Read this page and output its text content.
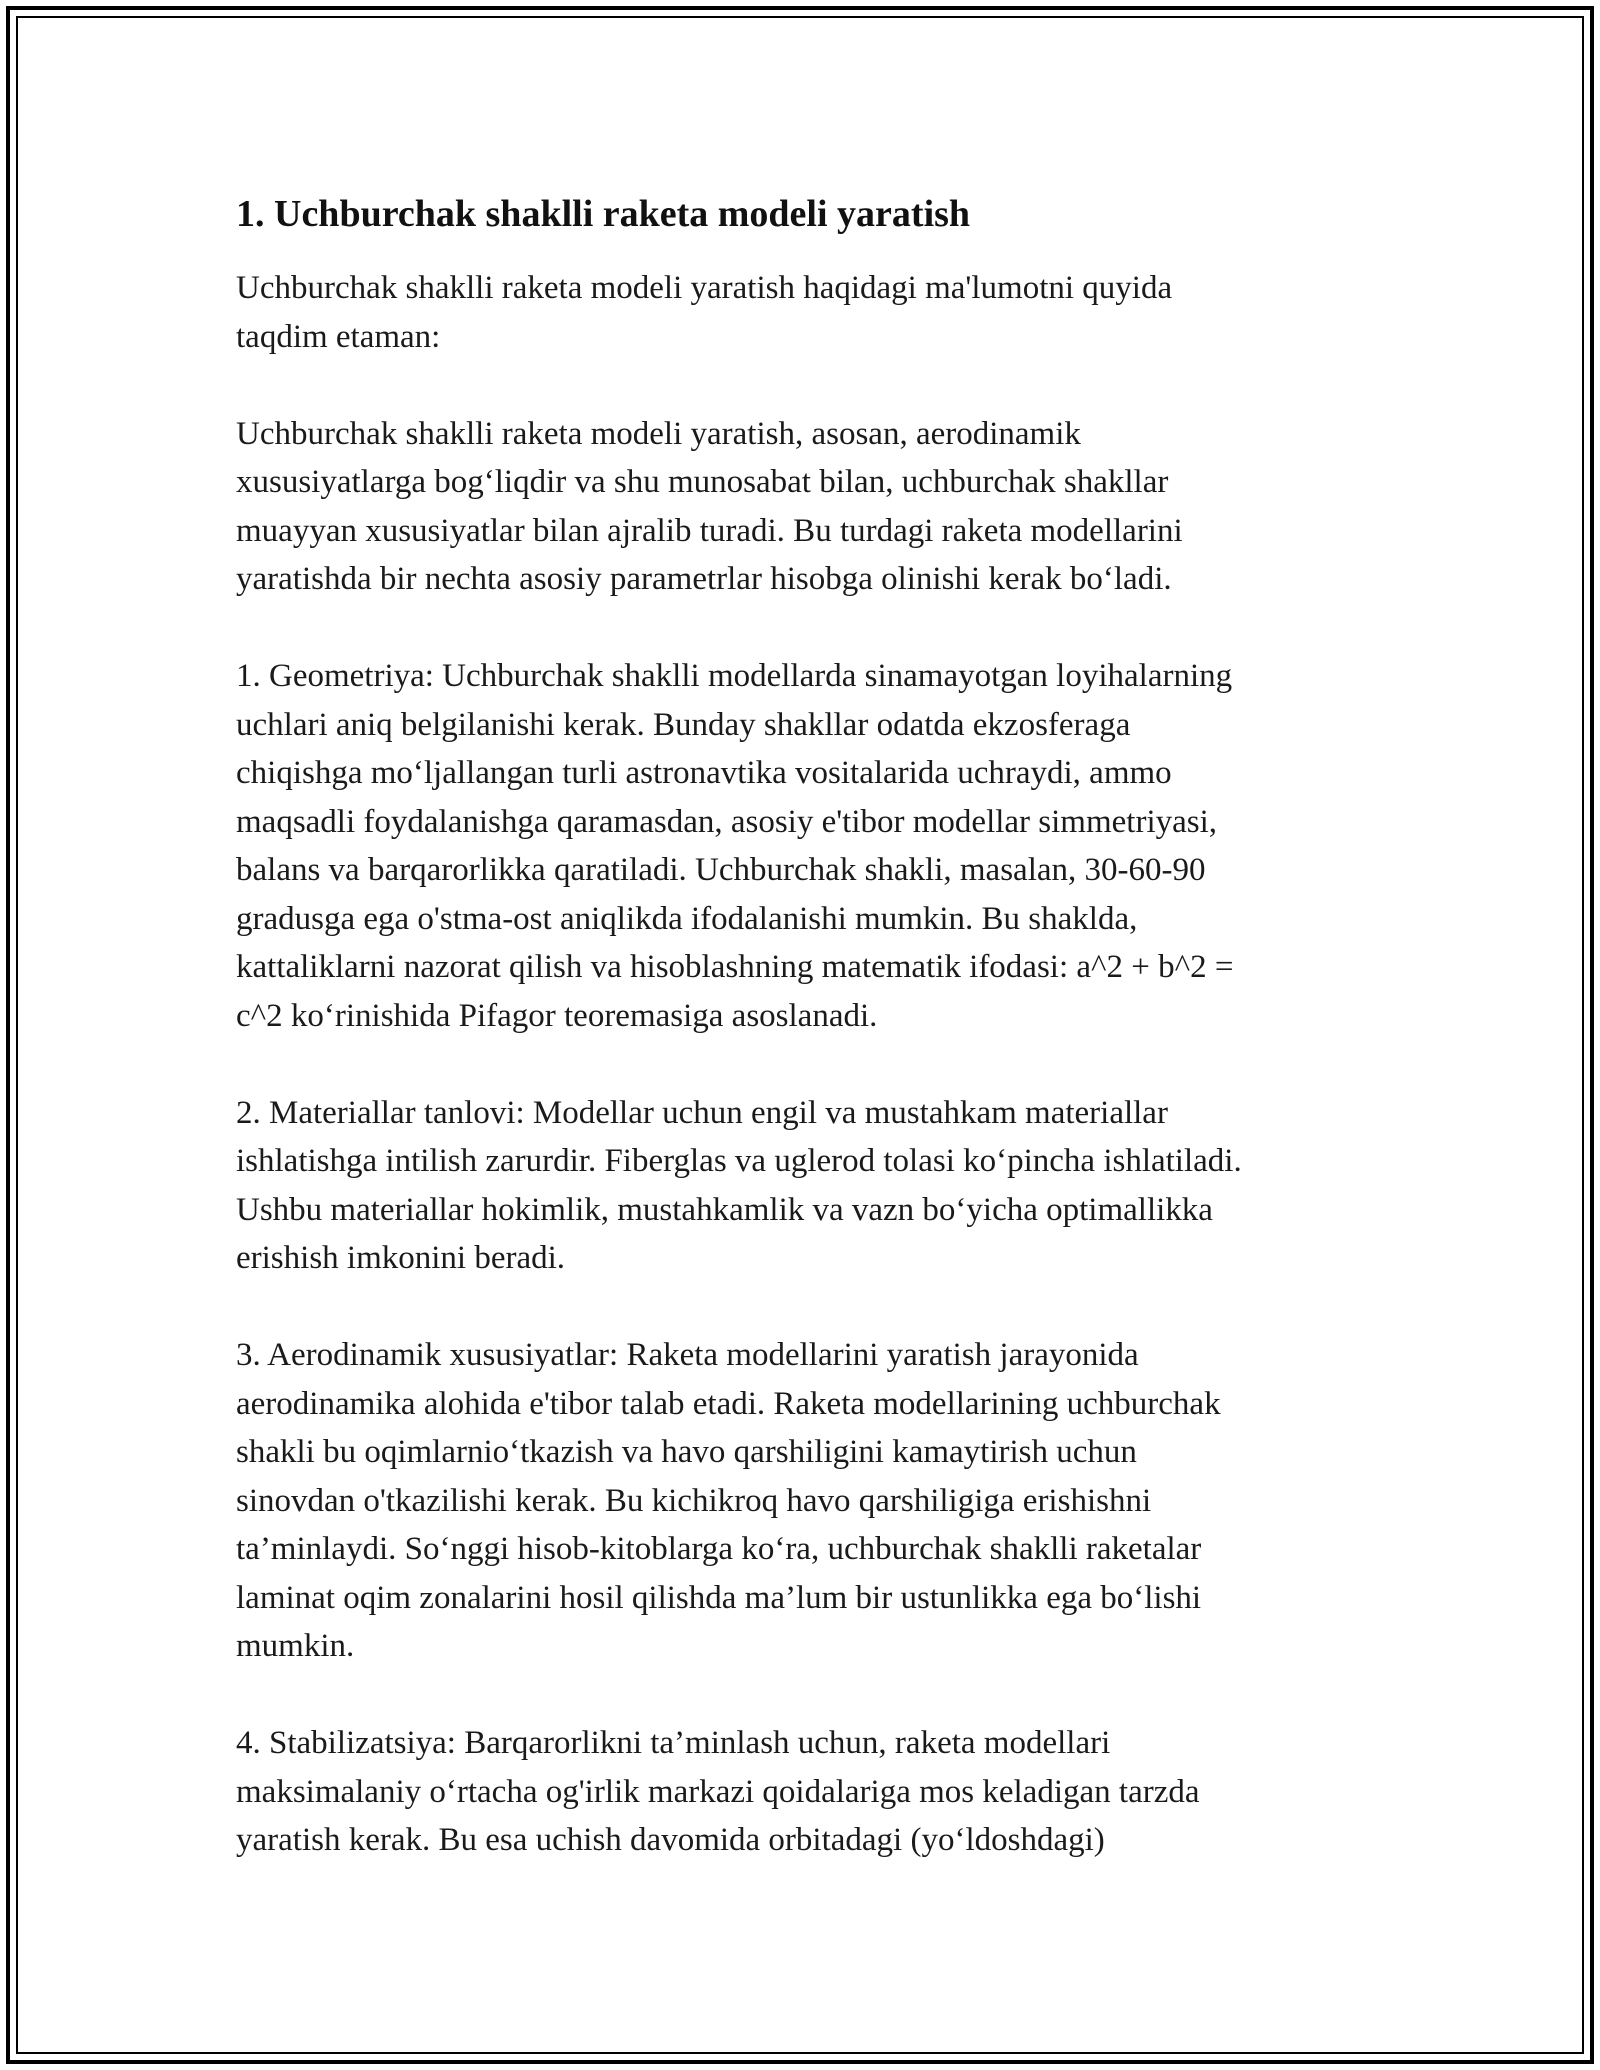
1. Uchburchak shaklli raketa modeli yaratish
Uchburchak shaklli raketa modeli yaratish haqidagi ma'lumotni quyida
taqdim etaman:
Uchburchak shaklli raketa modeli yaratish, asosan, aerodinamik
xususiyatlarga bog‘liqdir va shu munosabat bilan, uchburchak shakllar
muayyan xususiyatlar bilan ajralib turadi. Bu turdagi raketa modellarini
yaratishda bir nechta asosiy parametrlar hisobga olinishi kerak bo‘ladi.
1. Geometriya: Uchburchak shaklli modellarda sinamayotgan loyihalarning
uchlari aniq belgilanishi kerak. Bunday shakllar odatda ekzosferaga
chiqishga mo‘ljallangan turli astronavtika vositalarida uchraydi, ammo
maqsadli foydalanishga qaramasdan, asosiy e'tibor modellar simmetriyasi,
balans va barqarorlikka qaratiladi. Uchburchak shakli, masalan, 30-60-90
gradusga ega o'stma-ost aniqlikda ifodalanishi mumkin. Bu shaklda,
kattaliklarni nazorat qilish va hisoblashning matematik ifodasi: a^2 + b^2 =
c^2 ko‘rinishida Pifagor teoremasiga asoslanadi.
2. Materiallar tanlovi: Modellar uchun engil va mustahkam materiallar
ishlatishga intilish zarurdir. Fiberglas va uglerod tolasi ko‘pincha ishlatiladi.
Ushbu materiallar hokimlik, mustahkamlik va vazn bo‘yicha optimallikka
erishish imkonini beradi.
3. Aerodinamik xususiyatlar: Raketa modellarini yaratish jarayonida
aerodinamika alohida e'tibor talab etadi. Raketa modellarining uchburchak
shakli bu oqimlarnio‘tkazish va havo qarshiligini kamaytirish uchun
sinovdan o'tkazilishi kerak. Bu kichikroq havo qarshiligiga erishishni
ta’minlaydi. So‘nggi hisob-kitoblarga ko‘ra, uchburchak shaklli raketalar
laminat oqim zonalarini hosil qilishda ma’lum bir ustunlikka ega bo‘lishi
mumkin.
4. Stabilizatsiya: Barqarorlikni ta’minlash uchun, raketa modellari
maksimalaniy o‘rtacha og'irlik markazi qoidalariga mos keladigan tarzda
yaratish kerak. Bu esa uchish davomida orbitadagi (yo‘ldoshdagi)
